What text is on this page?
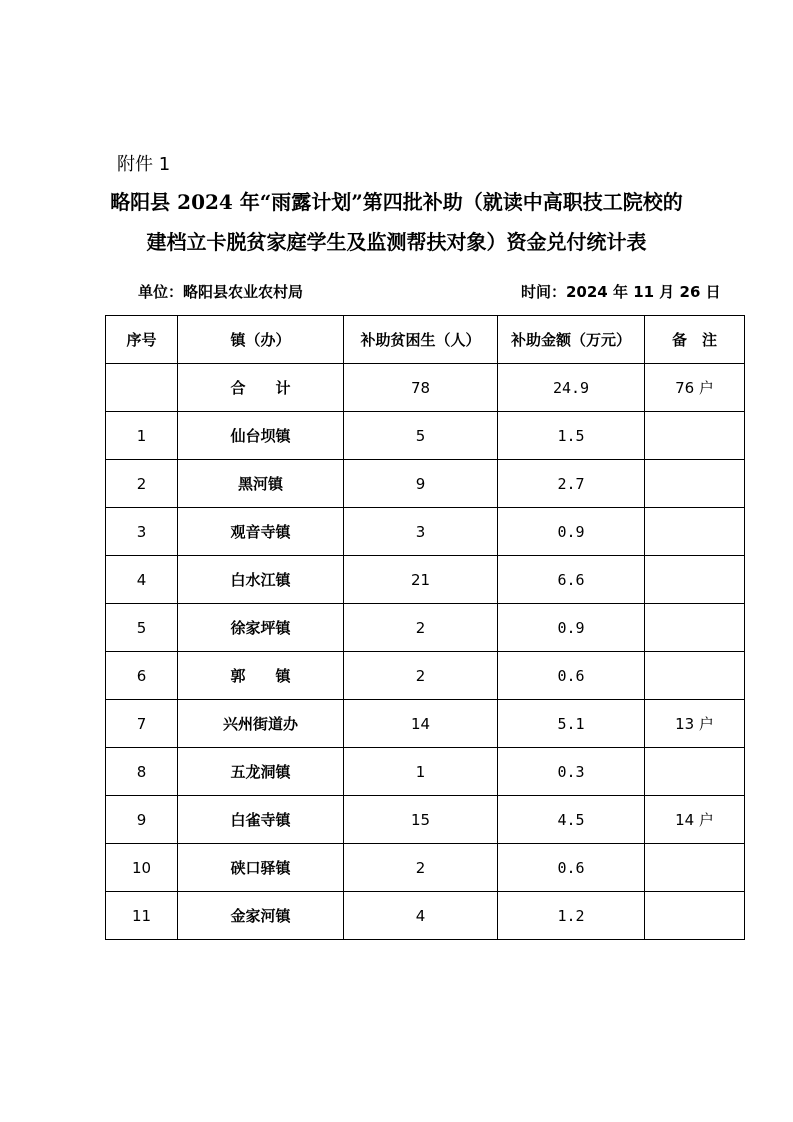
附件 1
略阳县 2024 年“雨露计划”第四批补助（就读中高职技工院校的
建档立卡脱贫家庭学生及监测帮扶对象）资金兑付统计表
单位：略阳县农业农村局	时间：2024 年 11 月 26 日
序号	镇（办）	补助贫困生（人）	补助金额（万元）	备　注
	合　　计	78	24.9	76 户
1	仙台坝镇	5	1.5	
2	黑河镇	9	2.7	
3	观音寺镇	3	0.9	
4	白水江镇	21	6.6	
5	徐家坪镇	2	0.9	
6	郭　　镇	2	0.6	
7	兴州街道办	14	5.1	13 户
8	五龙洞镇	1	0.3	
9	白雀寺镇	15	4.5	14 户
10	硖口驿镇	2	0.6	
11	金家河镇	4	1.2	
